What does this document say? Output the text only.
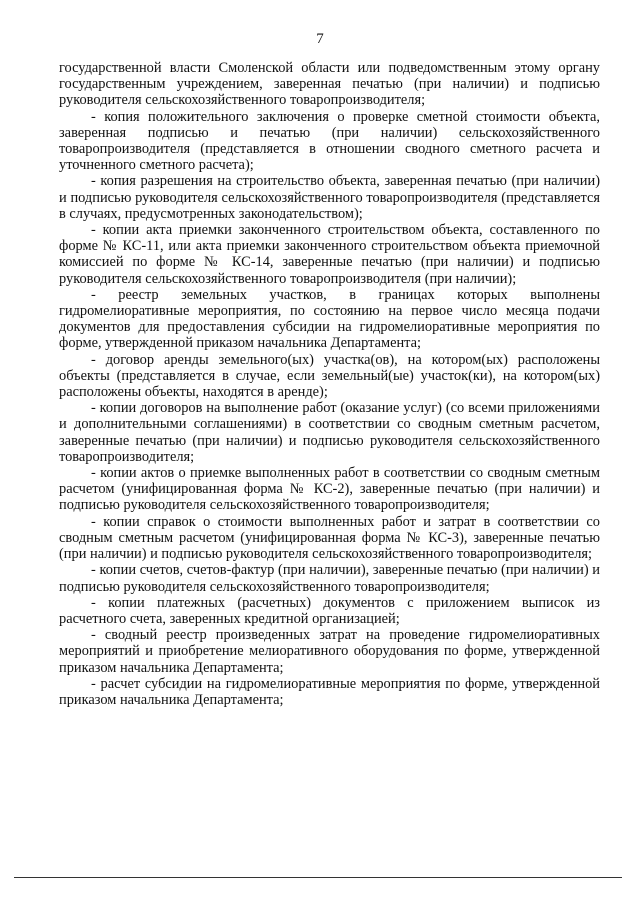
7

государственной власти Смоленской области или подведомственным этому органу государственным учреждением, заверенная печатью (при наличии) и подписью руководителя сельскохозяйственного товаропроизводителя;

- копия положительного заключения о проверке сметной стоимости объекта, заверенная подписью и печатью (при наличии) сельскохозяйственного товаропроизводителя (представляется в отношении сводного сметного расчета и уточненного сметного расчета);

- копия разрешения на строительство объекта, заверенная печатью (при наличии) и подписью руководителя сельскохозяйственного товаропроизводителя (представляется в случаях, предусмотренных законодательством);

- копии акта приемки законченного строительством объекта, составленного по форме № КС-11, или акта приемки законченного строительством объекта приемочной комиссией по форме № КС-14, заверенные печатью (при наличии) и подписью руководителя сельскохозяйственного товаропроизводителя (при наличии);

- реестр земельных участков, в границах которых выполнены гидромелиоративные мероприятия, по состоянию на первое число месяца подачи документов для предоставления субсидии на гидромелиоративные мероприятия по форме, утвержденной приказом начальника Департамента;

- договор аренды земельного(ых) участка(ов), на котором(ых) расположены объекты (представляется в случае, если земельный(ые) участок(ки), на котором(ых) расположены объекты, находятся в аренде);

- копии договоров на выполнение работ (оказание услуг) (со всеми приложениями и дополнительными соглашениями) в соответствии со сводным сметным расчетом, заверенные печатью (при наличии) и подписью руководителя сельскохозяйственного товаропроизводителя;

- копии актов о приемке выполненных работ в соответствии со сводным сметным расчетом (унифицированная форма № КС-2), заверенные печатью (при наличии) и подписью руководителя сельскохозяйственного товаропроизводителя;

- копии справок о стоимости выполненных работ и затрат в соответствии со сводным сметным расчетом (унифицированная форма № КС-3), заверенные печатью (при наличии) и подписью руководителя сельскохозяйственного товаропроизводителя;

- копии счетов, счетов-фактур (при наличии), заверенные печатью (при наличии) и подписью руководителя сельскохозяйственного товаропроизводителя;

- копии платежных (расчетных) документов с приложением выписок из расчетного счета, заверенных кредитной организацией;

- сводный реестр произведенных затрат на проведение гидромелиоративных мероприятий и приобретение мелиоративного оборудования по форме, утвержденной приказом начальника Департамента;

- расчет субсидии на гидромелиоративные мероприятия по форме, утвержденной приказом начальника Департамента;
